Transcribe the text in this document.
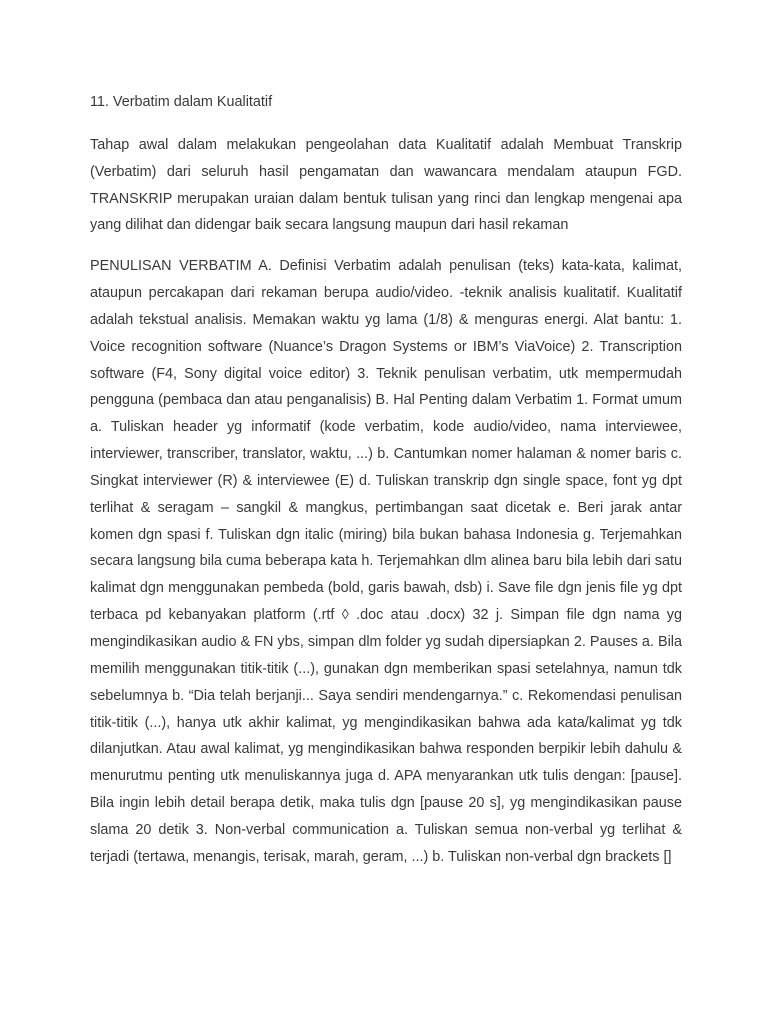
11. Verbatim dalam Kualitatif

Tahap awal dalam melakukan pengeolahan data Kualitatif adalah Membuat Transkrip (Verbatim) dari seluruh hasil pengamatan dan wawancara mendalam ataupun FGD. TRANSKRIP merupakan uraian dalam bentuk tulisan yang rinci dan lengkap mengenai apa yang dilihat dan didengar baik secara langsung maupun dari hasil rekaman

PENULISAN VERBATIM A. Definisi Verbatim adalah penulisan (teks) kata-kata, kalimat, ataupun percakapan dari rekaman berupa audio/video. -teknik analisis kualitatif. Kualitatif adalah tekstual analisis. Memakan waktu yg lama (1/8) & menguras energi. Alat bantu: 1. Voice recognition software (Nuance’s Dragon Systems or IBM’s ViaVoice) 2. Transcription software (F4, Sony digital voice editor) 3. Teknik penulisan verbatim, utk mempermudah pengguna (pembaca dan atau penganalisis) B. Hal Penting dalam Verbatim 1. Format umum a. Tuliskan header yg informatif (kode verbatim, kode audio/video, nama interviewee, interviewer, transcriber, translator, waktu, ...) b. Cantumkan nomer halaman & nomer baris c. Singkat interviewer (R) & interviewee (E) d. Tuliskan transkrip dgn single space, font yg dpt terlihat & seragam – sangkil & mangkus, pertimbangan saat dicetak e. Beri jarak antar komen dgn spasi f. Tuliskan dgn italic (miring) bila bukan bahasa Indonesia g. Terjemahkan secara langsung bila cuma beberapa kata h. Terjemahkan dlm alinea baru bila lebih dari satu kalimat dgn menggunakan pembeda (bold, garis bawah, dsb) i. Save file dgn jenis file yg dpt terbaca pd kebanyakan platform (.rtf ◊ .doc atau .docx) 32 j. Simpan file dgn nama yg mengindikasikan audio & FN ybs, simpan dlm folder yg sudah dipersiapkan 2. Pauses a. Bila memilih menggunakan titik-titik (...), gunakan dgn memberikan spasi setelahnya, namun tdk sebelumnya b. “Dia telah berjanji... Saya sendiri mendengarnya.” c. Rekomendasi penulisan titik-titik (...), hanya utk akhir kalimat, yg mengindikasikan bahwa ada kata/kalimat yg tdk dilanjutkan. Atau awal kalimat, yg mengindikasikan bahwa responden berpikir lebih dahulu & menurutmu penting utk menuliskannya juga d. APA menyarankan utk tulis dengan: [pause]. Bila ingin lebih detail berapa detik, maka tulis dgn [pause 20 s], yg mengindikasikan pause slama 20 detik 3. Non-verbal communication a. Tuliskan semua non-verbal yg terlihat & terjadi (tertawa, menangis, terisak, marah, geram, ...) b. Tuliskan non-verbal dgn brackets []
